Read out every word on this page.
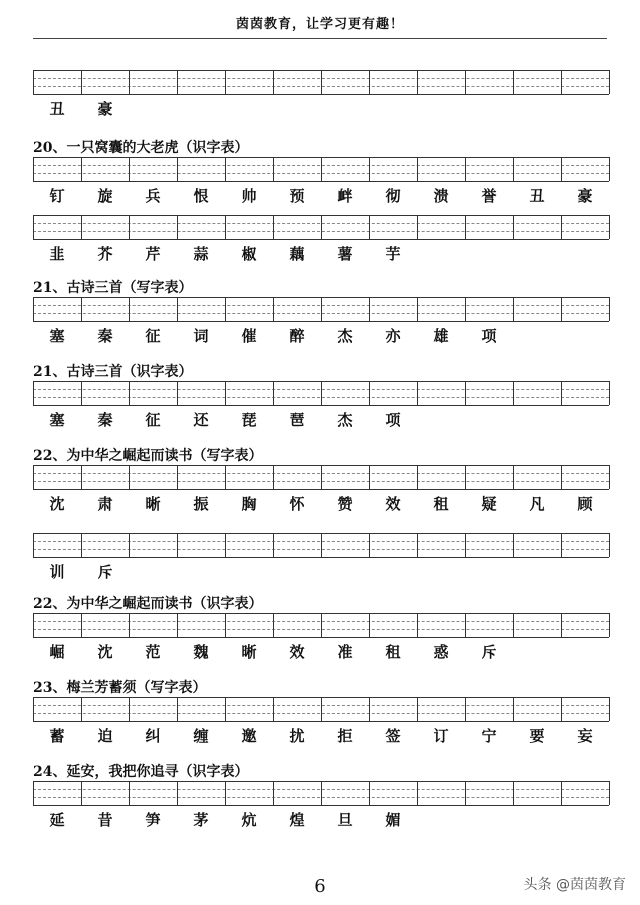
茵茵教育，让学习更有趣！
丑	豪
20、一只窝囊的大老虎（识字表）
钉	旋	兵	恨	帅	预	衅	彻	溃	誉	丑	豪
韭	芥	芹	蒜	椒	藕	薯	芋
21、古诗三首（写字表）
塞	秦	征	词	催	醉	杰	亦	雄	项
21、古诗三首（识字表）
塞	秦	征	还	琵	琶	杰	项
22、为中华之崛起而读书（写字表）
沈	肃	晰	振	胸	怀	赞	效	租	疑	凡	顾
训	斥
22、为中华之崛起而读书（识字表）
崛	沈	范	魏	晰	效	准	租	惑	斥
23、梅兰芳蓄须（写字表）
蓄	迫	纠	缠	邀	扰	拒	签	订	宁	要	妄
24、延安，我把你追寻（识字表）
延	昔	笋	茅	炕	煌	旦	媚
6	头条 @茵茵教育
